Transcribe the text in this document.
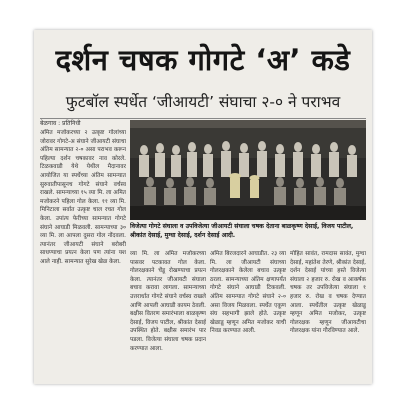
दर्शन चषक गोगटे ‘अ’ कडे
फुटबॉल स्पर्धेत ‘जीआयटी’ संघाचा २-० ने पराभव
बेळगाव : प्रतिनिधी
अमित मजोकरच्या २ उत्कृष्ट गोलांच्या जोरावर गोगटे-अ संघाने जीआयटी संघाचा अंतिम सामन्यात २-० असा पराभव करून पहिल्या दर्शन चषकावर नाव कोरले. टिळकवाडी येथे येथील मैदानावर आयोजित या स्पर्धेच्या अंतिम सामन्यात सुरुवातीपासूनच गोगटे संघाने वर्चस्व राखले. सामन्याच्या १५ व्या मि. ला अमित मजोकरने पहिला गोल केला. ११ व्या मि. मिनिटाला सर्वात उत्कृष्ट चाल रचत गोल केला. उपांत्य फेरीच्या सामन्यात गोगटे संघाने आघाडी मिळवली. सामन्याच्या ३० व्या मि. ला आपला दुसरा गोल नोंदवला. त्यानंतर जीआयटी संघाने बरोबरी साधण्याचा प्रयत्न केला पण त्यांना यश आले नाही. सामन्यात सुरेख खेळ केला.
विजेत्या गोगटे संघाला व उपविजेत्या जीआयटी संघाला चषक देताना बाळकृष्ण देसाई, विजय पाटील, श्रीकांत देसाई, मुग्धा देसाई, दर्शन देसाई आदी.
व्या मि. ला अमित मजोकरच्या पासवर पटकावत गोल केला. गोलरक्षकाने चेंडू रोखण्याचा प्रयत्न केला. त्यानंतर जीआयटी संघाला बचाव करावा लागला. सामन्याच्या उत्तरार्धात गोगटे संघाने वर्चस्व राखले आणि आपली आघाडी कायम ठेवली. बक्षीस वितरण समारंभाला बाळकृष्ण देसाई, विजय पाटील, श्रीकांत देसाई उपस्थित होते. बक्षीस समारंभ पार पडला. विजेत्या संघाला चषक प्रदान करण्यात आला.
अमित बिरजदारने आघाडीत. २३ व्या मि. ला जीआयटी संघाच्या गोलरक्षकाने केलेला बचाव उत्कृष्ट ठरला. सामन्याच्या अंतिम क्षणापर्यंत गोगटे संघाने आघाडी टिकवली. अंतिम सामन्यात गोगटे संघाने २-० असा विजय मिळवला. स्पर्धेत एकूण संघ सहभागी झाले होते. उत्कृष्ट खेळाडू म्हणून अमित मजोकर याची निवड करण्यात आली.
मोहित सावंत, रामदास सावंत, मुग्धा देसाई, महांतेश तेरणे, श्रीकांत देसाई, दर्शन देसाई यांच्या हस्ते विजेत्या संघाला २ हजार रु. रोख व आकर्षक चषक तर उपविजेत्या संघाला १ हजार रु. रोख व चषक देण्यात आला. स्पर्धेतील उत्कृष्ट खेळाडू म्हणून अमित मजोकर, उत्कृष्ट गोलरक्षक म्हणून जीआयटीचा गोलरक्षक यांना गौरविण्यात आले.
